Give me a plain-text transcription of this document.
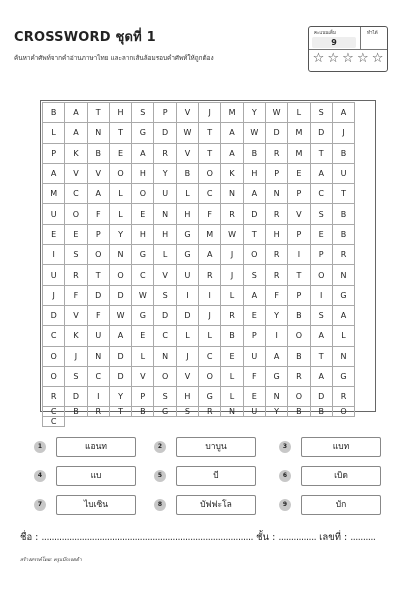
CROSSWORD ชุดที่ 1
ค้นหาคำศัพท์จากคำอ่านภาษาไทย และลากเส้นล้อมรอบคำศัพท์ให้ถูกต้อง
คะแนนเต็ม	ทำได้
9
☆ ☆ ☆ ☆ ☆
B	A	T	H	S	P	V	J	M	Y	W	L	S	A
L	A	N	T	G	D	W	T	A	W	D	M	D	J
P	K	B	E	A	R	V	T	A	B	R	M	T	B
A	V	V	O	H	Y	B	O	K	H	P	E	A	U
M	C	A	L	O	U	L	C	N	A	N	P	C	T
U	O	F	L	E	N	H	F	R	D	R	V	S	B
E	E	P	Y	H	H	G	M	W	T	H	P	E	B
I	S	O	N	G	L	G	A	J	O	R	I	P	R
U	R	T	O	C	V	U	R	J	S	R	T	O	N
J	F	D	D	W	S	I	I	L	A	F	P	I	G
D	V	F	W	G	D	D	J	R	E	Y	B	S	A
C	K	U	A	E	C	L	L	B	P	I	O	A	L
O	J	N	D	L	N	J	C	E	U	A	B	T	N
O	S	C	D	V	O	V	O	L	F	G	R	A	G
R	D	I	Y	P	S	H	G	L	E	N	O	D	R
C	B	R	T	B	G	S	R	N	U	Y	B	B	O
C
1	แอนท	2	บาบูน	3	แบท
4	แบ	5	บี	6	เบิด
7	ไบเซิน	8	บัฟฟะโล	9	บัก
ชื่อ : .................................................................................... ชั้น : ............... เลขที่ : ..........
สร้างสรรค์โดย: ครูแบ๊กเจตต้า
